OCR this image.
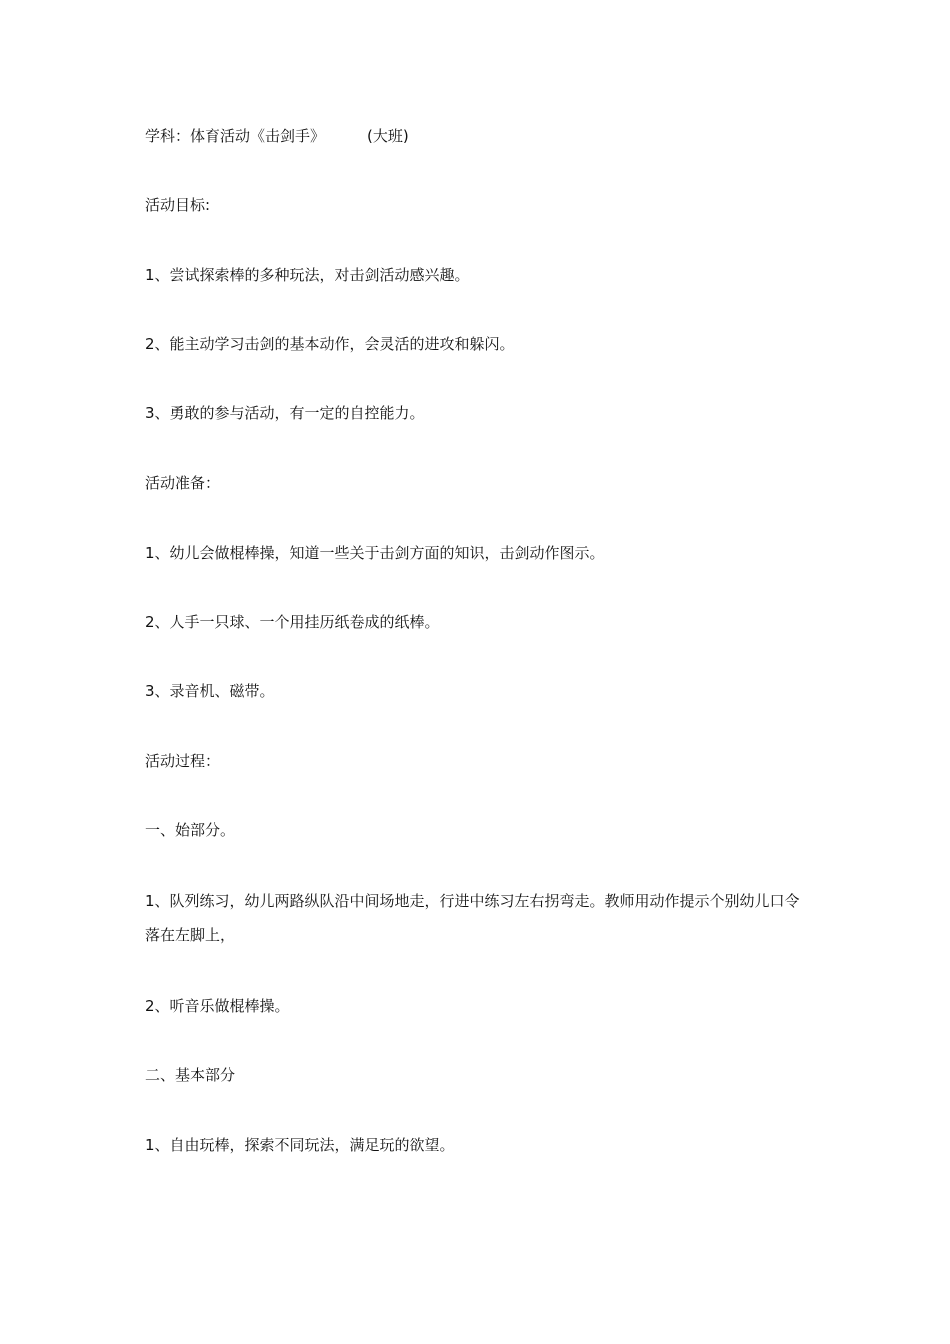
学科：体育活动《击剑手》	(大班)
活动目标:
1、尝试探索棒的多种玩法，对击剑活动感兴趣。
2、能主动学习击剑的基本动作，会灵活的进攻和躲闪。
3、勇敢的参与活动，有一定的自控能力。
活动准备：
1、幼儿会做棍棒操，知道一些关于击剑方面的知识，击剑动作图示。
2、人手一只球、一个用挂历纸卷成的纸棒。
3、录音机、磁带。
活动过程：
一、始部分。
1、队列练习，幼儿两路纵队沿中间场地走，行进中练习左右拐弯走。教师用动作提示个别幼儿口令落在左脚上，
2、听音乐做棍棒操。
二、基本部分
1、自由玩棒，探索不同玩法，满足玩的欲望。
